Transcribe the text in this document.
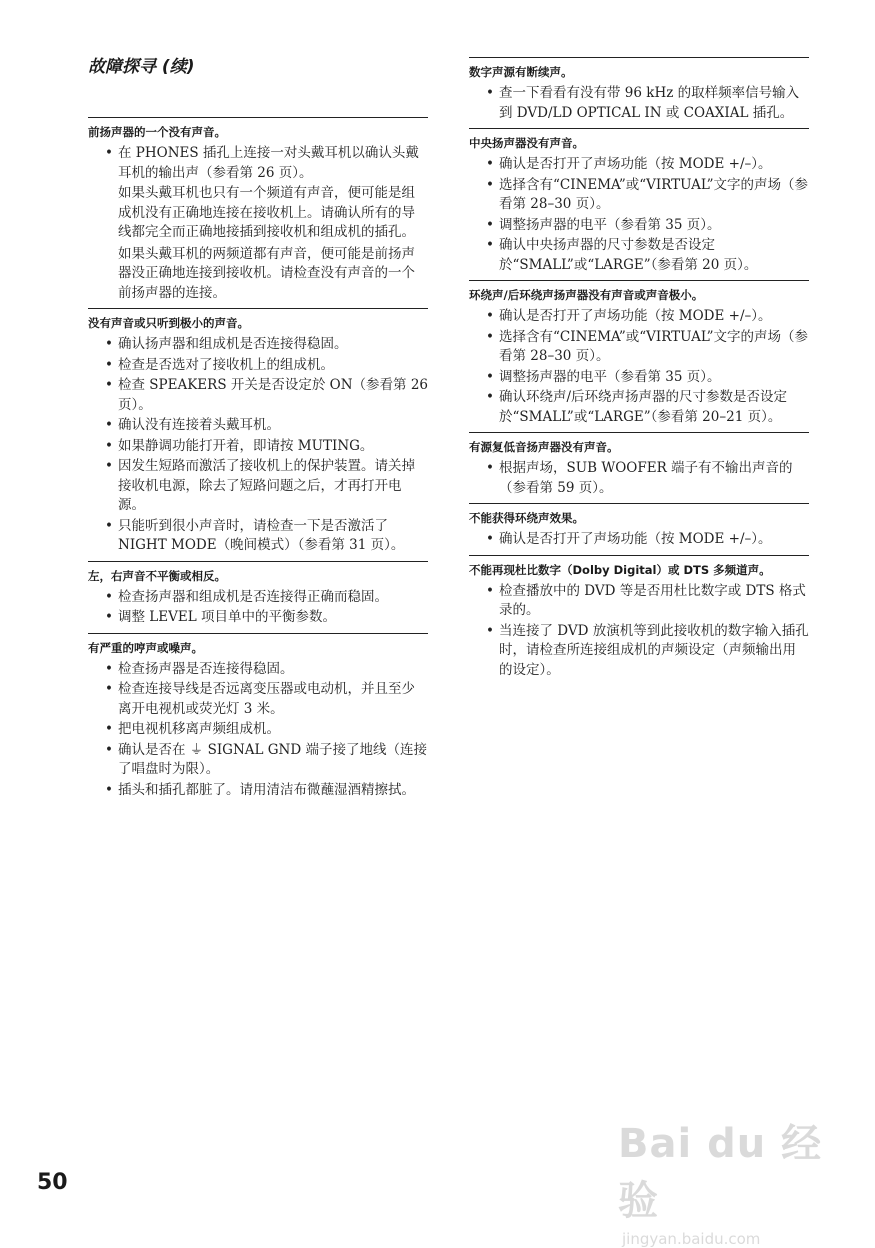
故障探寻 (续)
前扬声器的一个没有声音。
• 在 PHONES 插孔上连接一对头戴耳机以确认头戴耳机的输出声（参看第 26 页）。
如果头戴耳机也只有一个频道有声音，便可能是组成机没有正确地连接在接收机上。请确认所有的导线都完全而正确地接插到接收机和组成机的插孔。
如果头戴耳机的两频道都有声音，便可能是前扬声器没正确地连接到接收机。请检查没有声音的一个前扬声器的连接。
没有声音或只听到极小的声音。
• 确认扬声器和组成机是否连接得稳固。
• 检查是否选对了接收机上的组成机。
• 检查 SPEAKERS 开关是否设定於 ON（参看第 26 页）。
• 确认没有连接着头戴耳机。
• 如果静调功能打开着，即请按 MUTING。
• 因发生短路而激活了接收机上的保护装置。请关掉接收机电源，除去了短路问题之后，才再打开电源。
• 只能听到很小声音时，请检查一下是否激活了 NIGHT MODE（晚间模式）（参看第 31 页）。
左，右声音不平衡或相反。
• 检查扬声器和组成机是否连接得正确而稳固。
• 调整 LEVEL 项目单中的平衡参数。
有严重的哼声或噪声。
• 检查扬声器是否连接得稳固。
• 检查连接导线是否远离变压器或电动机，并且至少离开电视机或荧光灯 3 米。
• 把电视机移离声频组成机。
• 确认是否在 ⏚ SIGNAL GND 端子接了地线（连接了唱盘时为限）。
• 插头和插孔都脏了。请用清洁布微蘸湿酒精擦拭。
数字声源有断续声。
• 查一下看看有没有带 96 kHz 的取样频率信号输入到 DVD/LD OPTICAL IN 或 COAXIAL 插孔。
中央扬声器没有声音。
• 确认是否打开了声场功能（按 MODE +/–）。
• 选择含有“CINEMA”或“VIRTUAL”文字的声场（参看第 28–30 页）。
• 调整扬声器的电平（参看第 35 页）。
• 确认中央扬声器的尺寸参数是否设定於“SMALL”或“LARGE”（参看第 20 页）。
环绕声/后环绕声扬声器没有声音或声音极小。
• 确认是否打开了声场功能（按 MODE +/–）。
• 选择含有“CINEMA”或“VIRTUAL”文字的声场（参看第 28–30 页）。
• 调整扬声器的电平（参看第 35 页）。
• 确认环绕声/后环绕声扬声器的尺寸参数是否设定於“SMALL”或“LARGE”（参看第 20–21 页）。
有源复低音扬声器没有声音。
• 根据声场，SUB WOOFER 端子有不输出声音的（参看第 59 页）。
不能获得环绕声效果。
• 确认是否打开了声场功能（按 MODE +/–）。
不能再现杜比数字（Dolby Digital）或 DTS 多频道声。
• 检查播放中的 DVD 等是否用杜比数字或 DTS 格式录的。
• 当连接了 DVD 放演机等到此接收机的数字输入插孔时，请检查所连接组成机的声频设定（声频输出用的设定）。
50
Bai du 经验
jingyan.baidu.com
